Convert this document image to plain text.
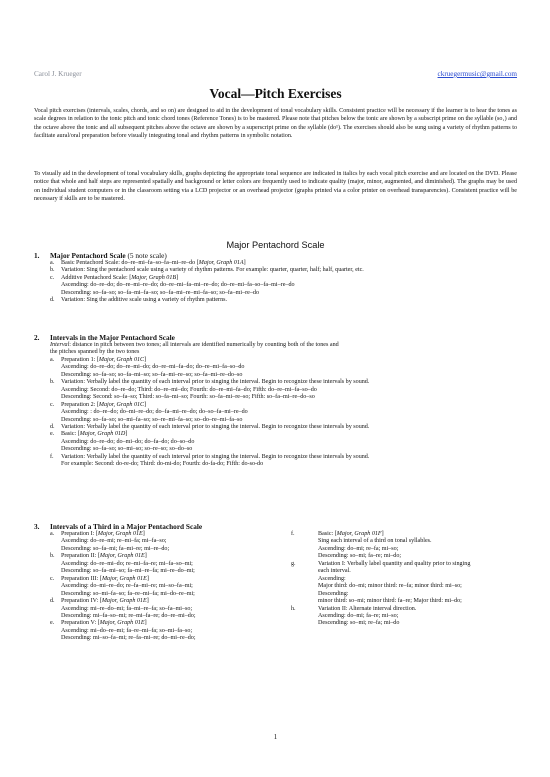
Carol J. Krueger	ckruegermusic@gmail.com
Vocal—Pitch Exercises

Vocal pitch exercises (intervals, scales, chords, and so on) are designed to aid in the development of tonal vocabulary skills. Consistent practice will be necessary if the learner is to hear the tones as scale degrees in relation to the tonic pitch and tonic chord tones (Reference Tones) is to be mastered. Please note that pitches below the tonic are shown by a subscript prime on the syllable (so₁) and the octave above the tonic and all subsequent pitches above the octave are shown by a superscript prime on the syllable (do¹). The exercises should also be sung using a variety of rhythm patterns to facilitate aural/oral preparation before visually integrating tonal and rhythm patterns in symbolic notation.

To visually aid in the development of tonal vocabulary skills, graphs depicting the appropriate tonal sequence are indicated in italics by each vocal pitch exercise and are located on the DVD. Please notice that whole and half steps are represented spatially and background or letter colors are frequently used to indicate quality (major, minor, augmented, and diminished). The graphs may be used on individual student computers or in the classroom setting via a LCD projector or an overhead projector (graphs printed via a color printer on overhead transparencies). Consistent practice will be necessary if skills are to be mastered.

Major Pentachord Scale
1. Major Pentachord Scale (5 note scale)
a. Basic Pentachord Scale: do–re–mi–fa–so–fa–mi–re–do [Major, Graph 01A]
b. Variation: Sing the pentachord scale using a variety of rhythm patterns. For example: quarter, quarter, half; half, quarter, etc.
c. Additive Pentachord Scale: [Major, Graph 01B]
Ascending: do–re–do; do–re–mi–re–do; do–re–mi–fa–mi–re–do; do–re–mi–fa–so–fa–mi–re–do
Descending: so–fa–so; so–fa–mi–fa–so; so–fa–mi–re–mi–fa–so; so–fa–mi–re–do
d. Variation: Sing the additive scale using a variety of rhythm patterns.
2. Intervals in the Major Pentachord Scale
Interval: distance in pitch between two tones; all intervals are identified numerically by counting both of the tones and
the pitches spanned by the two tones
a. Preparation 1: [Major, Graph 01C]
Ascending: do–re–do; do–re–mi–do; do–re–mi–fa–do; do–re–mi–fa–so–do
Descending: so–fa–so; so–fa–mi–so; so–fa–mi–re–so; so–fa–mi–re–do–so
b. Variation: Verbally label the quantity of each interval prior to singing the interval. Begin to recognize these intervals by sound.
Ascending: Second: do–re–do; Third: do–re–mi–do; Fourth: do–re–mi–fa–do; Fifth: do–re–mi–fa–so–do
Descending: Second: so–fa–so; Third: so–fa–mi–so; Fourth: so–fa–mi–re–so; Fifth: so–fa–mi–re–do–so
c. Preparation 2: [Major, Graph 01C]
Ascending: : do–re–do; do–mi–re–do; do–fa–mi–re–do; do–so–fa–mi–re–do
Descending: so–fa–so; so–mi–fa–so; so–re–mi–fa–so; so–do–re–mi–fa–so
d. Variation: Verbally label the quantity of each interval prior to singing the interval. Begin to recognize these intervals by sound.
e. Basic: [Major, Graph 01D]
Ascending: do–re–do; do–mi–do; do–fa–do; do–so–do
Descending: so–fa–so; so–mi–so; so–re–so; so–do–so
f. Variation: Verbally label the quantity of each interval prior to singing the interval. Begin to recognize these intervals by sound.
For example: Second: do-re-do; Third: do-mi-do; Fourth: do-fa-do; Fifth: do-so-do
3. Intervals of a Third in a Major Pentachord Scale
a. Preparation I: [Major, Graph 01E]
Ascending: do–re–mi; re–mi–fa; mi–fa–so;
Descending: so–fa–mi; fa–mi–re; mi–re–do;
b. Preparation II: [Major, Graph 01E]
Ascending: do–re–mi–do; re–mi–fa–re; mi–fa–so–mi;
Descending: so–fa–mi–so; fa–mi–re–fa; mi–re–do–mi;
c. Preparation III: [Major, Graph 01E]
Ascending: do–mi–re–do; re–fa–mi–re; mi–so–fa–mi;
Descending: so–mi–fa–so; fa–re–mi–fa; mi–do–re–mi;
d. Preparation IV: [Major, Graph 01E]
Ascending: mi–re–do–mi; fa–mi–re–fa; so–fa–mi–so;
Descending: mi–fa–so–mi; re–mi–fa–re; do–re–mi–do;
e. Preparation V: [Major, Graph 01E]
Ascending: mi–do–re–mi; fa–re–mi–fa; so–mi–fa–so;
Descending: mi–so–fa–mi; re–fa–mi–re; do–mi–re–do;
f.	Basic: [Major, Graph 01F]
Sing each interval of a third on tonal syllables.
Ascending: do–mi; re–fa; mi–so;
Descending: so–mi; fa–re; mi–do;
g.	Variation I: Verbally label quantity and quality prior to singing
each interval.
Ascending:
Major third: do–mi; minor third: re–fa; minor third: mi–so;
Descending:
minor third: so–mi; minor third: fa–re; Major third: mi–do;
h.	Variation II: Alternate interval direction.
Ascending: do–mi; fa–re; mi–so;
Descending: so–mi; re–fa; mi–do
1
